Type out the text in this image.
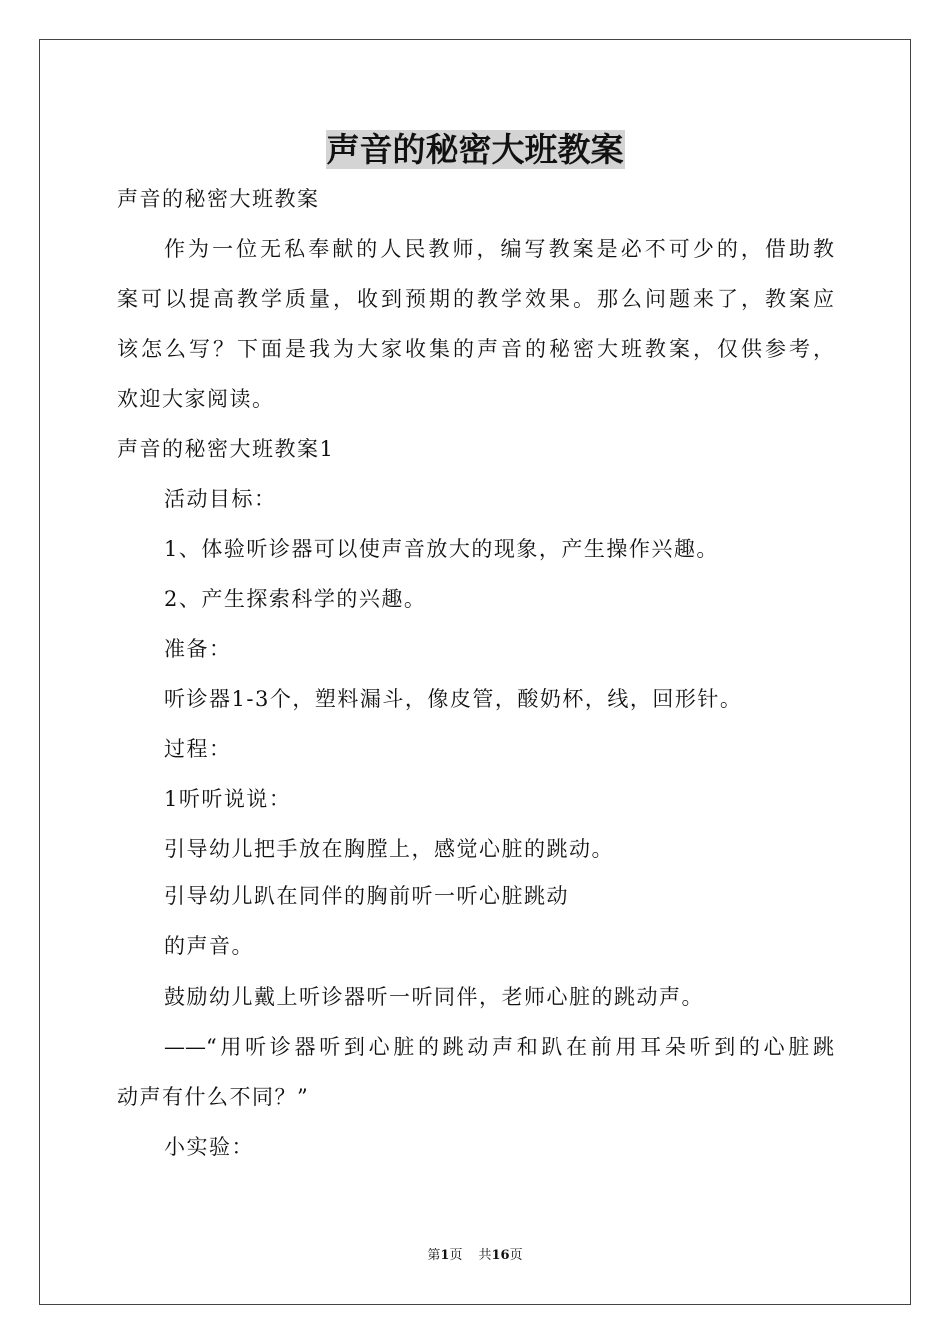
声音的秘密大班教案
声音的秘密大班教案
作为一位无私奉献的人民教师，编写教案是必不可少的，借助教
案可以提高教学质量，收到预期的教学效果。那么问题来了，教案应
该怎么写？下面是我为大家收集的声音的秘密大班教案，仅供参考，
欢迎大家阅读。
声音的秘密大班教案1
活动目标：
1、体验听诊器可以使声音放大的现象，产生操作兴趣。
2、产生探索科学的兴趣。
准备：
听诊器1-3个，塑料漏斗，像皮管，酸奶杯，线，回形针。
过程：
1听听说说：
引导幼儿把手放在胸膛上，感觉心脏的跳动。
引导幼儿趴在同伴的胸前听一听心脏跳动
的声音。
鼓励幼儿戴上听诊器听一听同伴，老师心脏的跳动声。
——“用听诊器听到心脏的跳动声和趴在前用耳朵听到的心脏跳
动声有什么不同？”
小实验：
第1页 共16页
